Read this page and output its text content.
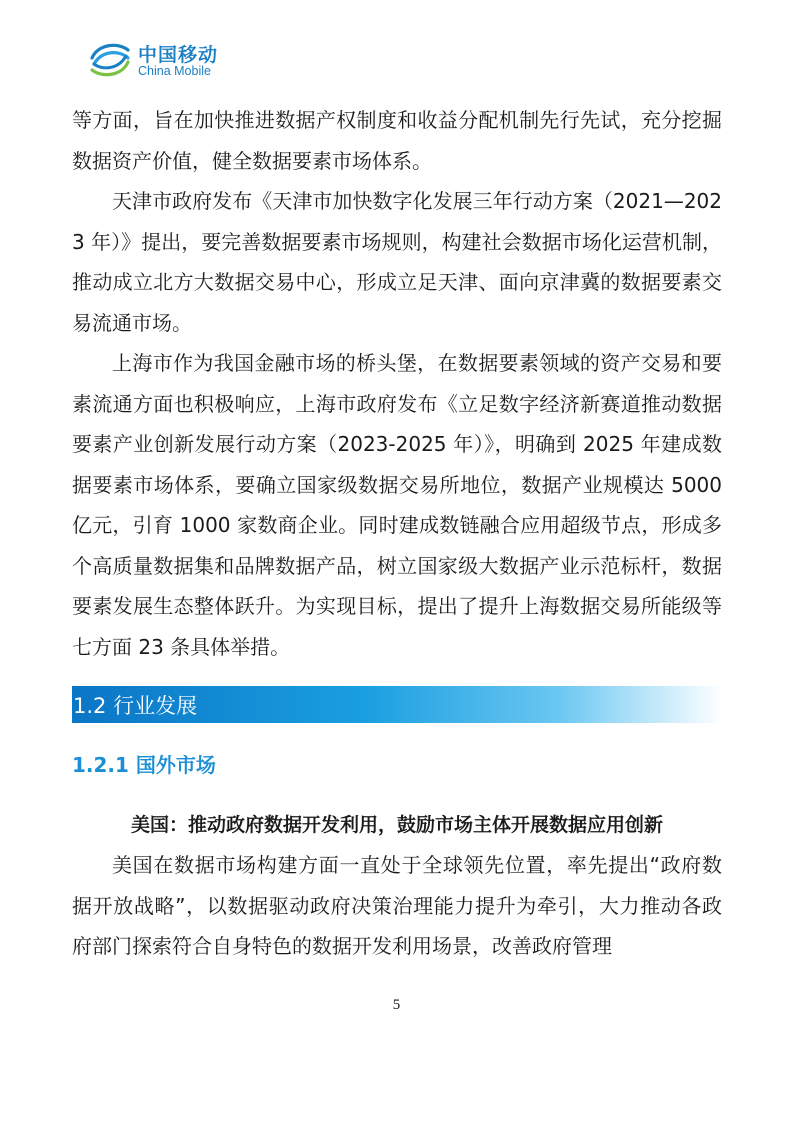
中国移动
China Mobile

等方面，旨在加快推进数据产权制度和收益分配机制先行先试，充分挖掘数据资产价值，健全数据要素市场体系。

天津市政府发布《天津市加快数字化发展三年行动方案（2021—2023 年）》提出，要完善数据要素市场规则，构建社会数据市场化运营机制，推动成立北方大数据交易中心，形成立足天津、面向京津冀的数据要素交易流通市场。

上海市作为我国金融市场的桥头堡，在数据要素领域的资产交易和要素流通方面也积极响应，上海市政府发布《立足数字经济新赛道推动数据要素产业创新发展行动方案（2023-2025 年）》，明确到 2025 年建成数据要素市场体系，要确立国家级数据交易所地位，数据产业规模达 5000 亿元，引育 1000 家数商企业。同时建成数链融合应用超级节点，形成多个高质量数据集和品牌数据产品，树立国家级大数据产业示范标杆，数据要素发展生态整体跃升。为实现目标，提出了提升上海数据交易所能级等七方面 23 条具体举措。

1.2 行业发展
1.2.1 国外市场
美国：推动政府数据开发利用，鼓励市场主体开展数据应用创新

美国在数据市场构建方面一直处于全球领先位置，率先提出“政府数据开放战略”，以数据驱动政府决策治理能力提升为牵引，大力推动各政府部门探索符合自身特色的数据开发利用场景，改善政府管理

5
